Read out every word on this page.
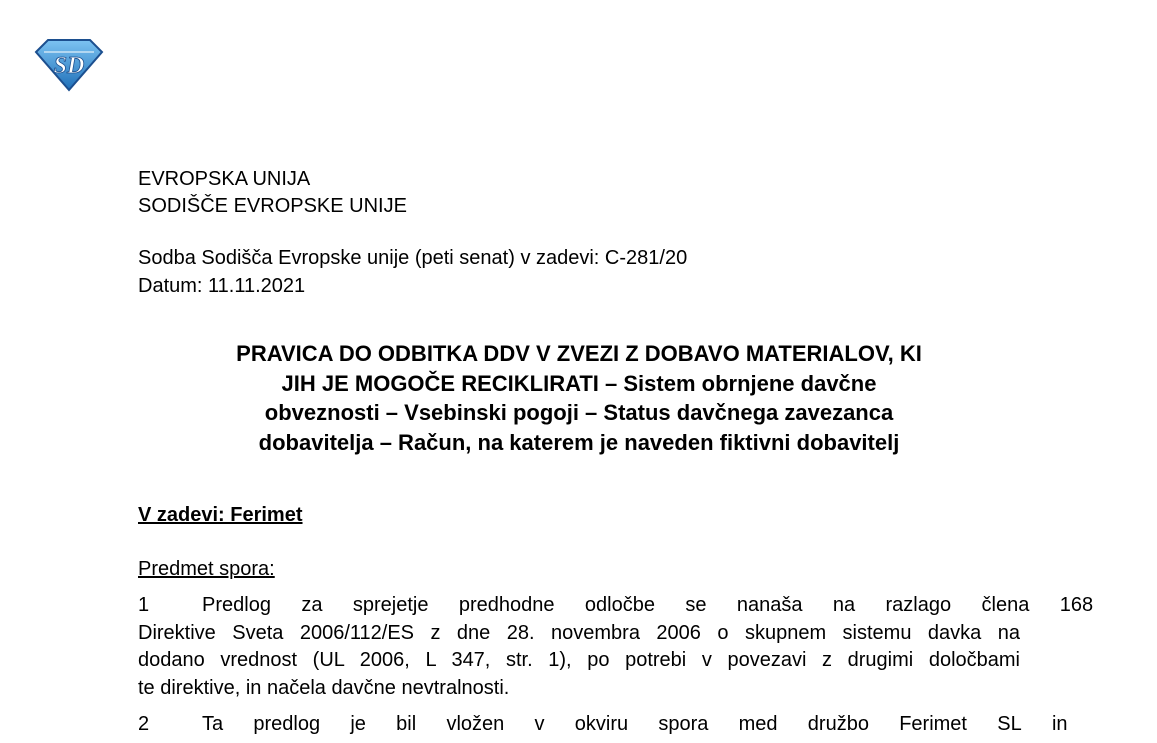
SD
EVROPSKA UNIJA
SODIŠČE EVROPSKE UNIJE
Sodba Sodišča Evropske unije (peti senat) v zadevi: C-281/20
Datum: 11.11.2021
PRAVICA DO ODBITKA DDV V ZVEZI Z DOBAVO MATERIALOV, KI
JIH JE MOGOČE RECIKLIRATI – Sistem obrnjene davčne
obveznosti – Vsebinski pogoji – Status davčnega zavezanca
dobavitelja – Račun, na katerem je naveden fiktivni dobavitelj
V zadevi: Ferimet
Predmet spora:
1	Predlog za sprejetje predhodne odločbe se nanaša na razlago člena 168
Direktive Sveta 2006/112/ES z dne 28. novembra 2006 o skupnem sistemu davka na
dodano vrednost (UL 2006, L 347, str. 1), po potrebi v povezavi z drugimi določbami
te direktive, in načela davčne nevtralnosti.
2	Ta predlog je bil vložen v okviru spora med družbo Ferimet SL in
